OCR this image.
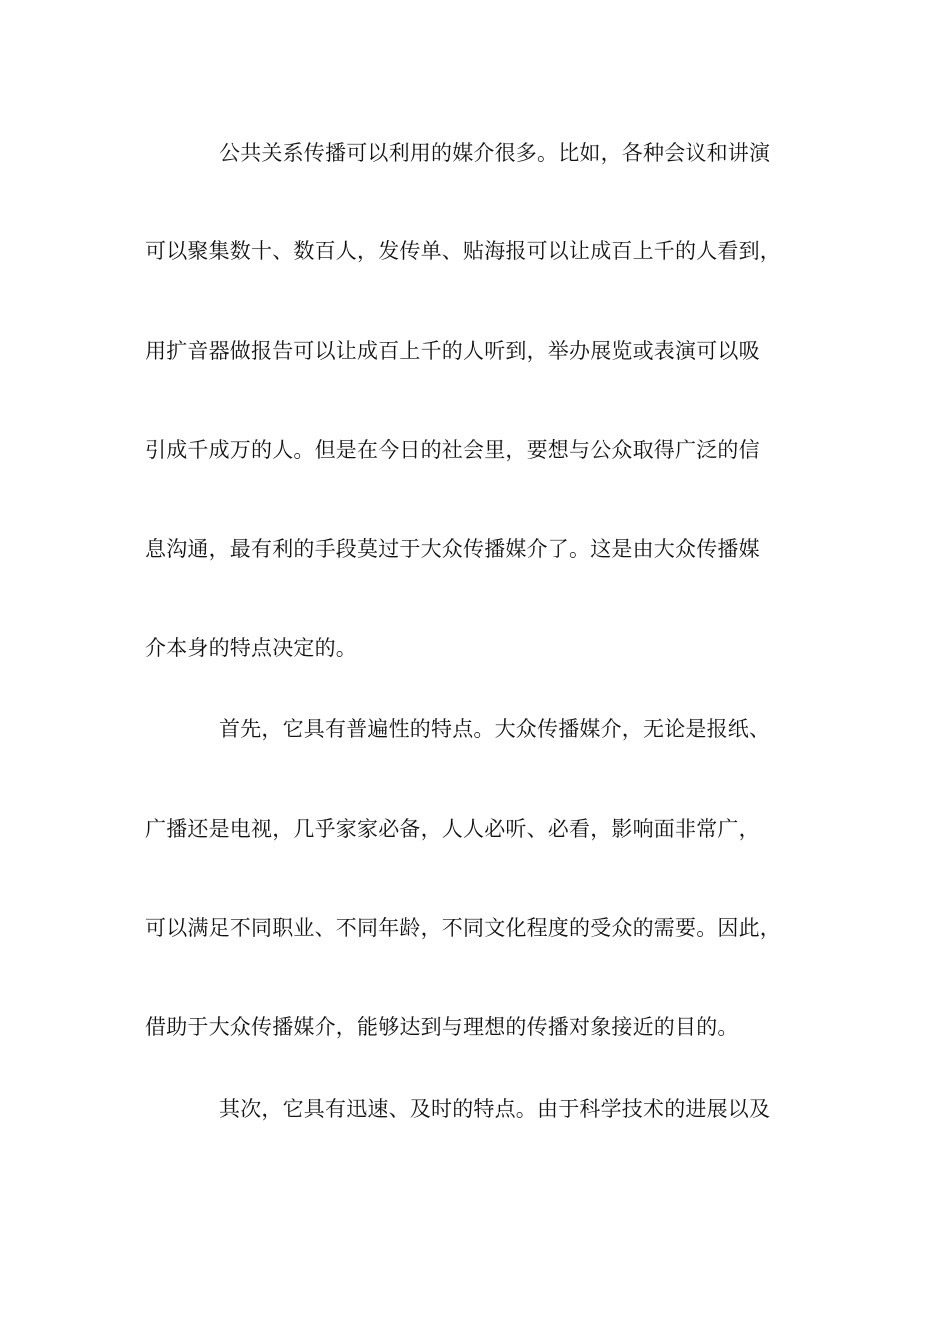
公共关系传播可以利用的媒介很多。比如，各种会议和讲演
可以聚集数十、数百人，发传单、贴海报可以让成百上千的人看到，
用扩音器做报告可以让成百上千的人听到，举办展览或表演可以吸
引成千成万的人。但是在今日的社会里，要想与公众取得广泛的信
息沟通，最有利的手段莫过于大众传播媒介了。这是由大众传播媒
介本身的特点决定的。
首先，它具有普遍性的特点。大众传播媒介，无论是报纸、
广播还是电视，几乎家家必备，人人必听、必看，影响面非常广，
可以满足不同职业、不同年龄，不同文化程度的受众的需要。因此，
借助于大众传播媒介，能够达到与理想的传播对象接近的目的。
其次，它具有迅速、及时的特点。由于科学技术的进展以及
